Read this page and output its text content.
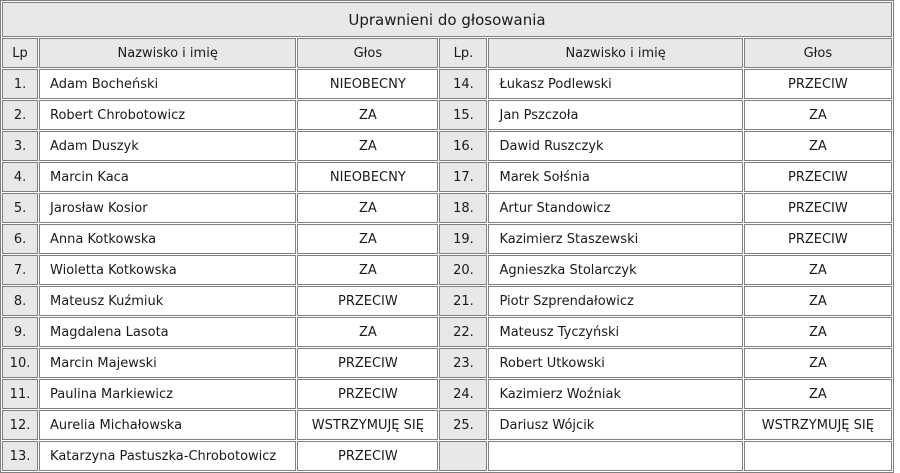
Uprawnieni do głosowania					
Lp	Nazwisko i imię	Głos	Lp.	Nazwisko i imię	Głos
1.	Adam Bocheński	NIEOBECNY	14.	Łukasz Podlewski	PRZECIW
2.	Robert Chrobotowicz	ZA	15.	Jan Pszczoła	ZA
3.	Adam Duszyk	ZA	16.	Dawid Ruszczyk	ZA
4.	Marcin Kaca	NIEOBECNY	17.	Marek Sołśnia	PRZECIW
5.	Jarosław Kosior	ZA	18.	Artur Standowicz	PRZECIW
6.	Anna Kotkowska	ZA	19.	Kazimierz Staszewski	PRZECIW
7.	Wioletta Kotkowska	ZA	20.	Agnieszka Stolarczyk	ZA
8.	Mateusz Kuźmiuk	PRZECIW	21.	Piotr Szprendałowicz	ZA
9.	Magdalena Lasota	ZA	22.	Mateusz Tyczyński	ZA
10.	Marcin Majewski	PRZECIW	23.	Robert Utkowski	ZA
11.	Paulina Markiewicz	PRZECIW	24.	Kazimierz Woźniak	ZA
12.	Aurelia Michałowska	WSTRZYMUJĘ SIĘ	25.	Dariusz Wójcik	WSTRZYMUJĘ SIĘ
13.	Katarzyna Pastuszka-Chrobotowicz	PRZECIW			
